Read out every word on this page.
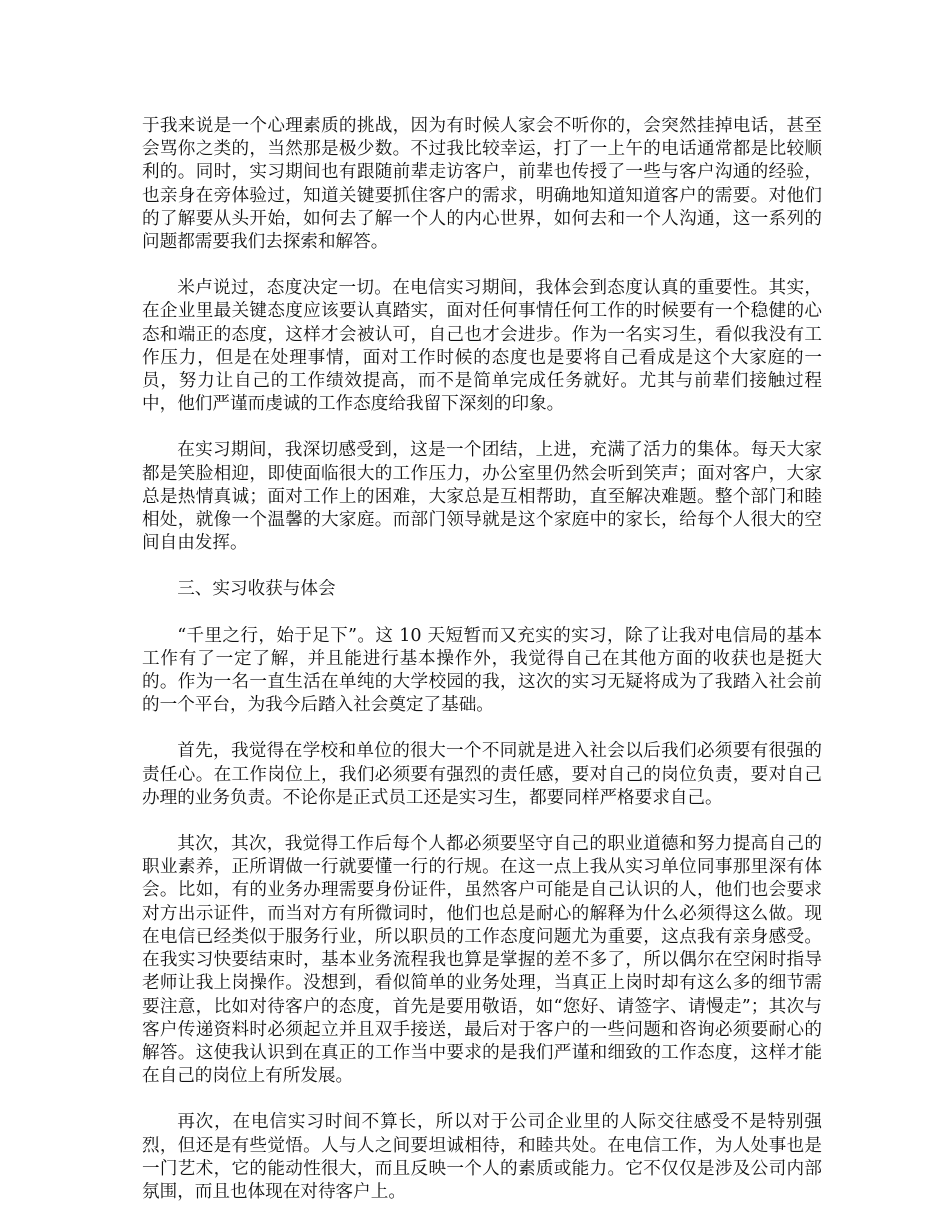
于我来说是一个心理素质的挑战，因为有时候人家会不听你的，会突然挂掉电话，甚至会骂你之类的，当然那是极少数。不过我比较幸运，打了一上午的电话通常都是比较顺利的。同时，实习期间也有跟随前辈走访客户，前辈也传授了一些与客户沟通的经验，也亲身在旁体验过，知道关键要抓住客户的需求，明确地知道知道客户的需要。对他们的了解要从头开始，如何去了解一个人的内心世界，如何去和一个人沟通，这一系列的问题都需要我们去探索和解答。

米卢说过，态度决定一切。在电信实习期间，我体会到态度认真的重要性。其实，在企业里最关键态度应该要认真踏实，面对任何事情任何工作的时候要有一个稳健的心态和端正的态度，这样才会被认可，自己也才会进步。作为一名实习生，看似我没有工作压力，但是在处理事情，面对工作时候的态度也是要将自己看成是这个大家庭的一员，努力让自己的工作绩效提高，而不是简单完成任务就好。尤其与前辈们接触过程中，他们严谨而虔诚的工作态度给我留下深刻的印象。

在实习期间，我深切感受到，这是一个团结，上进，充满了活力的集体。每天大家都是笑脸相迎，即使面临很大的工作压力，办公室里仍然会听到笑声；面对客户，大家总是热情真诚；面对工作上的困难，大家总是互相帮助，直至解决难题。整个部门和睦相处，就像一个温馨的大家庭。而部门领导就是这个家庭中的家长，给每个人很大的空间自由发挥。

三、实习收获与体会

“千里之行，始于足下”。这 10 天短暂而又充实的实习，除了让我对电信局的基本工作有了一定了解，并且能进行基本操作外，我觉得自己在其他方面的收获也是挺大的。作为一名一直生活在单纯的大学校园的我，这次的实习无疑将成为了我踏入社会前的一个平台，为我今后踏入社会奠定了基础。

首先，我觉得在学校和单位的很大一个不同就是进入社会以后我们必须要有很强的责任心。在工作岗位上，我们必须要有强烈的责任感，要对自己的岗位负责，要对自己办理的业务负责。不论你是正式员工还是实习生，都要同样严格要求自己。

其次，其次，我觉得工作后每个人都必须要坚守自己的职业道德和努力提高自己的职业素养，正所谓做一行就要懂一行的行规。在这一点上我从实习单位同事那里深有体会。比如，有的业务办理需要身份证件，虽然客户可能是自己认识的人，他们也会要求对方出示证件，而当对方有所微词时，他们也总是耐心的解释为什么必须得这么做。现在电信已经类似于服务行业，所以职员的工作态度问题尤为重要，这点我有亲身感受。在我实习快要结束时，基本业务流程我也算是掌握的差不多了，所以偶尔在空闲时指导老师让我上岗操作。没想到，看似简单的业务处理，当真正上岗时却有这么多的细节需要注意，比如对待客户的态度，首先是要用敬语，如“您好、请签字、请慢走”；其次与客户传递资料时必须起立并且双手接送，最后对于客户的一些问题和咨询必须要耐心的解答。这使我认识到在真正的工作当中要求的是我们严谨和细致的工作态度，这样才能在自己的岗位上有所发展。

再次，在电信实习时间不算长，所以对于公司企业里的人际交往感受不是特别强烈，但还是有些觉悟。人与人之间要坦诚相待，和睦共处。在电信工作，为人处事也是一门艺术，它的能动性很大，而且反映一个人的素质或能力。它不仅仅是涉及公司内部氛围，而且也体现在对待客户上。
